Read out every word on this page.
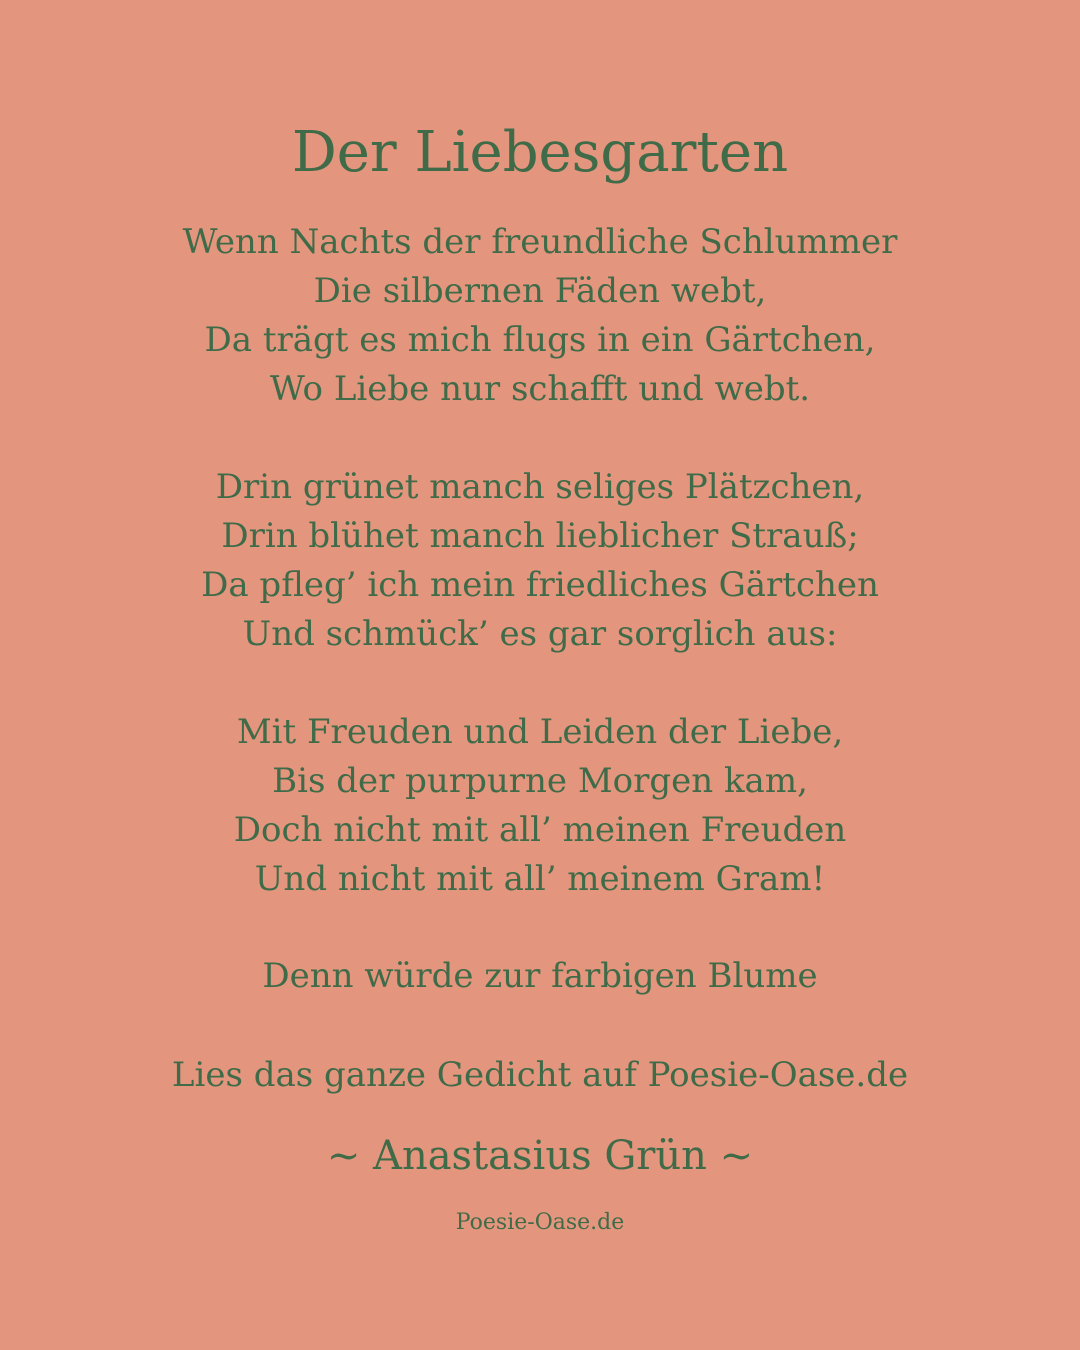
Der Liebesgarten

Wenn Nachts der freundliche Schlummer
Die silbernen Fäden webt,
Da trägt es mich flugs in ein Gärtchen,
Wo Liebe nur schafft und webt.

Drin grünet manch seliges Plätzchen,
Drin blühet manch lieblicher Strauß;
Da pfleg’ ich mein friedliches Gärtchen
Und schmück’ es gar sorglich aus:

Mit Freuden und Leiden der Liebe,
Bis der purpurne Morgen kam,
Doch nicht mit all’ meinen Freuden
Und nicht mit all’ meinem Gram!

Denn würde zur farbigen Blume

Lies das ganze Gedicht auf Poesie-Oase.de
~ Anastasius Grün ~
Poesie-Oase.de
